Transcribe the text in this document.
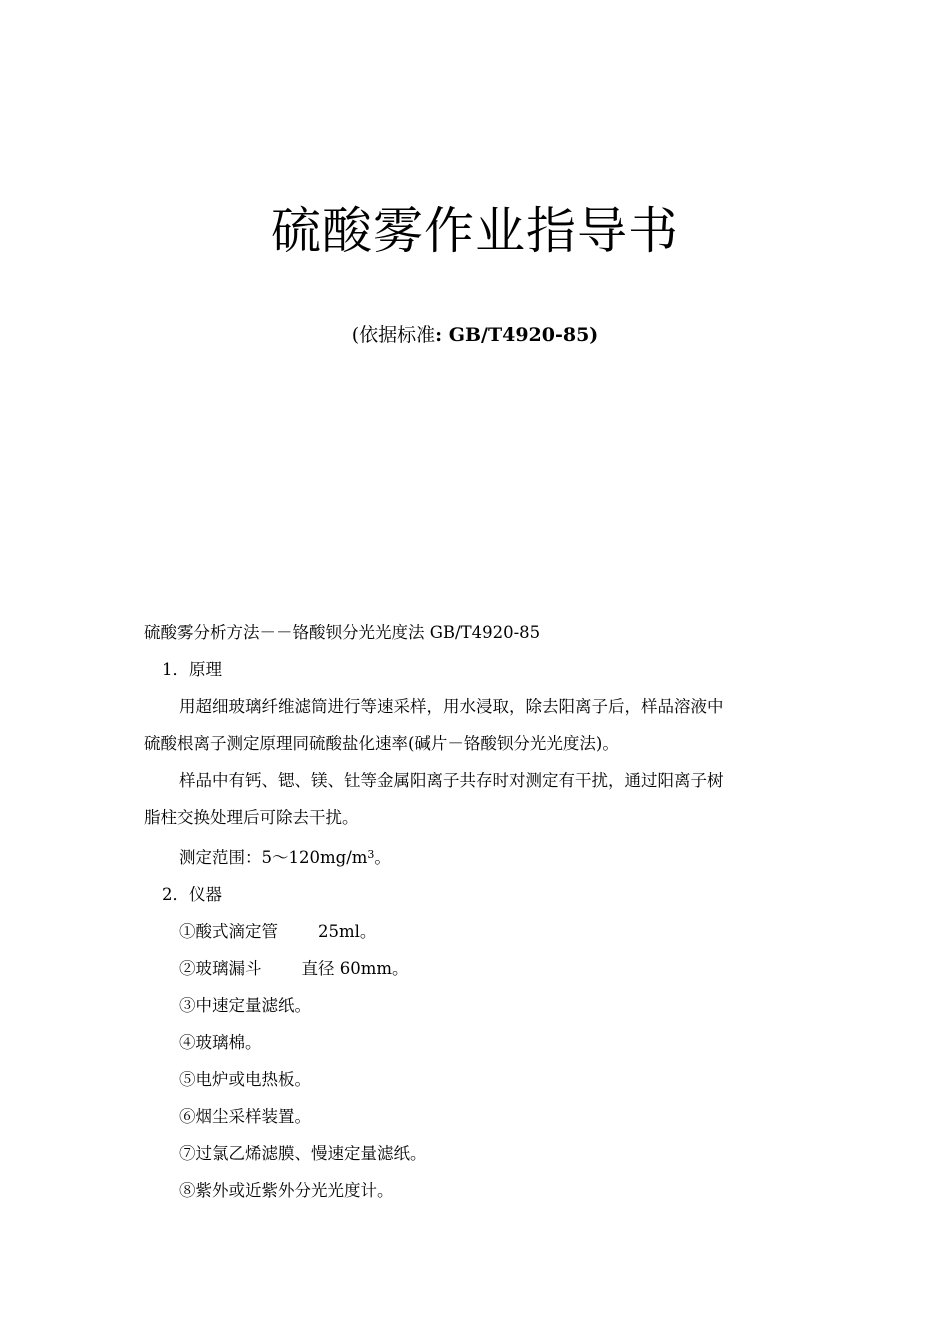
硫酸雾作业指导书
(依据标准: GB/T4920-85)

硫酸雾分析方法－－铬酸钡分光光度法 GB/T4920-85

1．原理

用超细玻璃纤维滤筒进行等速采样，用水浸取，除去阳离子后，样品溶液中

硫酸根离子测定原理同硫酸盐化速率(碱片－铬酸钡分光光度法)。

样品中有钙、锶、镁、钍等金属阳离子共存时对测定有干扰，通过阳离子树

脂柱交换处理后可除去干扰。

测定范围：$5\sim 120mg/m^3$。

2．仪器

①酸式滴定管 25ml。

②玻璃漏斗 直径 60mm。

③中速定量滤纸。

④玻璃棉。

⑤电炉或电热板。

⑥烟尘采样装置。

⑦过氯乙烯滤膜、慢速定量滤纸。

⑧紫外或近紫外分光光度计。
